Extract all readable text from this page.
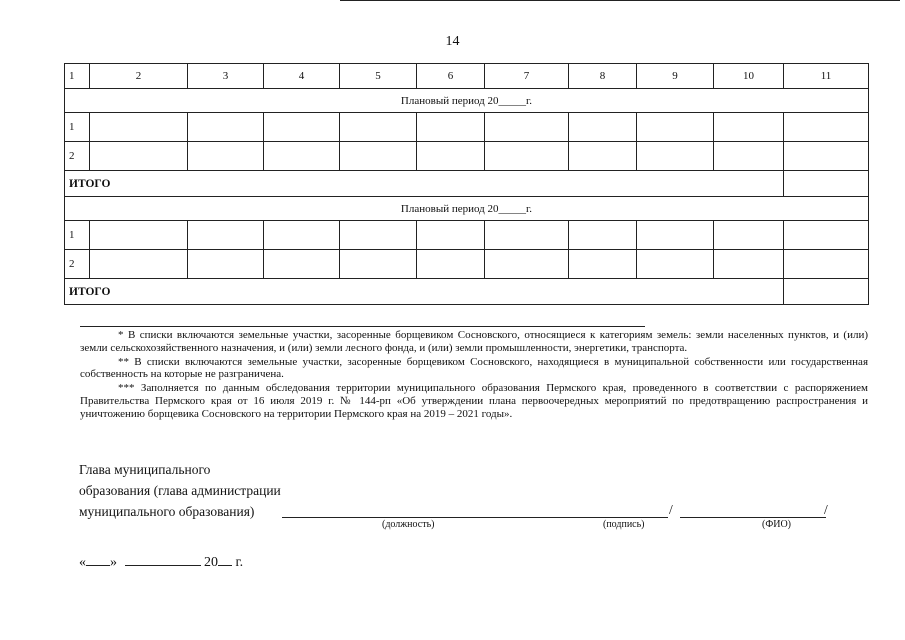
14
1	2	3	4	5	6	7	8	9	10	11
Плановый период 20_____г.										
1										
2										
ИТОГО										
Плановый период 20_____г.										
1										
2										
ИТОГО										

* В списки включаются земельные участки, засоренные борщевиком Сосновского, относящиеся к категориям земель: земли населенных пунктов, и (или) земли сельскохозяйственного назначения, и (или) земли лесного фонда, и (или) земли промышленности, энергетики, транспорта.

** В списки включаются земельные участки, засоренные борщевиком Сосновского, находящиеся в муниципальной собственности или государственная собственность на которые не разграничена.

*** Заполняется по данным обследования территории муниципального образования Пермского края, проведенного в соответствии с распоряжением Правительства Пермского края от 16 июля 2019 г. № 144-рп «Об утверждении плана первоочередных мероприятий по предотвращению распространения и уничтожению борщевика Сосновского на территории Пермского края на 2019 – 2021 годы».

Глава муниципального
образования (глава администрации
муниципального образования)	/	/
(должность)	(подпись)	(ФИО)
« »	20 г.
